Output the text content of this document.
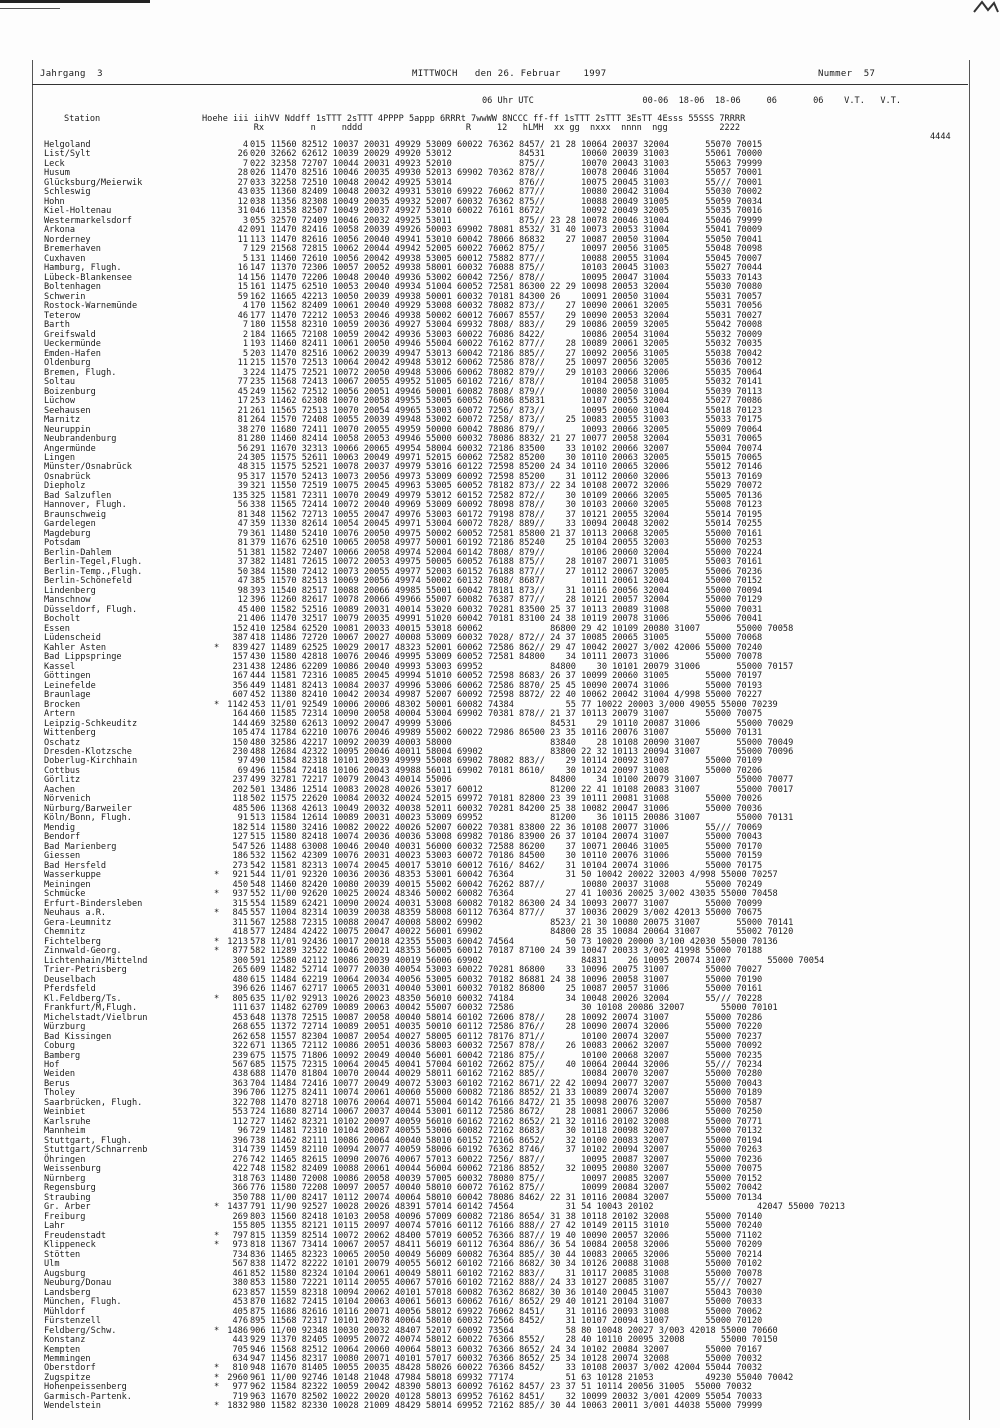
Jahrgang  3	MITTWOCH   den 26. Februar    1997	Nummer  57
06 Uhr UTC                     00-06  18-06  18-06     06       06    V.T.   V.T.
Station	Hoehe iii iihVV Nddff 1sTTT 2sTTT 4PPPP 5appp 6RRRt 7wwWW 8NCCC ff-ff 1sTTT 2sTTT 3EsTT 4Esss 55SSS 7RRRR
Rx         n     nddd                    R     12   hLMH  xx gg  nxxx  nnnn  ngg          2222
4444
Helgoland	4 015 11560 82512 10037 20031 49929 53009 60022 76362 8457/ 21 28 10064 20037 32004       55070 70015
List/Sylt	26 020 32662 62612 10039 20029 49920 53012             84531       10060 20039 31003       55061 70000
Leck	7 022 32358 72707 10044 20031 49923 52010             875//       10070 20043 31003       55063 79999
Husum	28 026 11470 82516 10046 20035 49930 52013 69902 70362 878//       10078 20046 31004       55057 70001
Glücksburg/Meierwik	27 033 32258 72510 10048 20042 49925 53014             876//       10075 20045 31003       55/// 70001
Schleswig	43 035 11360 82409 10048 20032 49931 53010 69922 76062 877//       10080 20042 31004       55030 70002
Hohn	12 038 11356 82308 10049 20035 49932 52007 60032 76362 875//       10088 20049 31005       55059 70034
Kiel-Holtenau	31 046 11358 82507 10049 20037 49927 53010 60022 76161 8672/       10092 20049 32005       55035 70016
Westermarkelsdorf	3 055 32570 72409 10046 20032 49925 53011             875// 23 28 10078 20046 31004       55046 79999
Arkona	42 091 11470 82416 10058 20039 49926 50003 69902 78081 8532/ 31 40 10073 20053 31004       55041 70009
Norderney	11 113 11470 82616 10056 20040 49941 53010 60042 78066 86832    27 10087 20050 31004       55050 70041
Bremerhaven	7 129 21568 72815 10062 20044 49942 52005 60022 76062 875//       10097 20056 31005       55048 70098
Cuxhaven	5 131 11460 72610 10056 20042 49938 53005 60012 75882 877//       10088 20055 31004       55045 70007
Hamburg, Flugh.	16 147 11370 72306 10057 20052 49938 58001 60032 76088 875//       10103 20045 31003       55027 70044
Lübeck-Blankensee	14 156 11470 72206 10048 20040 49936 53002 60042 7256/ 878//       10095 20047 31004       55033 70143
Boltenhagen	15 161 11475 62510 10053 20040 49934 51004 60052 72581 86300 22 29 10098 20053 32004       55030 70080
Schwerin	59 162 11665 42213 10050 20039 49938 50001 60032 70181 84300 26    10091 20050 31004       55031 70057
Rostock-Warnemünde	4 170 11562 82409 10061 20040 49929 53008 60032 78082 873//    27 10090 20061 32005       55031 70056
Teterow	46 177 11470 72212 10053 20046 49938 50002 60012 76067 8557/    29 10090 20053 32004       55031 70027
Barth	7 180 11558 82310 10059 20036 49927 53004 69932 7808/ 883//    29 10086 20059 32005       55042 70008
Greifswald	2 184 11665 72108 10059 20042 49936 53003 60022 76086 8422/       10086 20054 31004       55032 70009
Ueckermünde	1 193 11460 82411 10061 20050 49946 55004 60022 76162 877//    28 10089 20061 32005       55032 70035
Emden-Hafen	5 203 11470 82516 10062 20039 49947 53013 60042 72186 885//    27 10092 20056 31005       55038 70042
Oldenburg	11 215 11570 72513 10064 20042 49948 53012 60062 72586 878//    25 10097 20056 32005       55036 70012
Bremen, Flugh.	3 224 11475 72521 10072 20050 49948 53006 60062 78082 879//    29 10103 20066 32006       55035 70064
Soltau	77 235 11568 72413 10067 20055 49952 51005 60102 7216/ 878//       10104 20058 31005       55032 70141
Boizenburg	45 249 11562 72512 10056 20051 49946 50001 60082 7808/ 879//       10080 20050 31004       55039 70113
Lüchow	17 253 11462 62308 10070 20058 49955 53005 60052 76086 85831       10107 20055 32004       55027 70086
Seehausen	21 261 11565 72513 10070 20054 49965 53003 60072 7256/ 873//       10095 20060 31004       55018 70123
Marnitz	81 264 11570 72408 10055 20039 49948 53002 60072 7258/ 873//    25 10083 20055 31003       55033 70175
Neuruppin	38 270 11680 72411 10070 20055 49959 50000 60042 78086 879//       10093 20066 32005       55009 70064
Neubrandenburg	81 280 11460 82414 10058 20053 49946 55000 60032 78086 8832/ 21 27 10077 20058 32004       55031 70065
Angermünde	56 291 11670 32313 10066 20065 49954 58004 60032 72186 83500    33 10102 20066 32007       55004 70074
Lingen	24 305 11575 52611 10063 20049 49971 52015 60062 72582 85200    30 10110 20063 32005       55015 70065
Münster/Osnabrück	48 315 11575 52521 10078 20037 49979 53016 60122 72598 85200 24 34 10110 20065 32006       55012 70146
Osnabrück	95 317 11570 52413 10073 20056 49973 53009 60092 72598 85200    31 10112 20060 32006       55013 70169
Diepholz	39 321 11550 72519 10075 20045 49963 53005 60052 78182 873// 22 34 10108 20072 32006       55029 70072
Bad Salzuflen	135 325 11581 72311 10070 20049 49979 53012 60152 72582 872//    30 10109 20066 32005       55005 70136
Hannover, Flugh.	56 338 11565 72414 10072 20040 49969 53009 60092 78098 878//    30 10103 20060 32005       55008 70123
Braunschweig	81 348 11562 72713 10055 20047 49976 53003 60172 79198 878//    37 10121 20055 32004       55014 70195
Gardelegen	47 359 11330 82614 10054 20045 49971 53004 60072 7828/ 889//    33 10094 20048 32002       55014 70255
Magdeburg	79 361 11480 52410 10076 20050 49975 50002 60052 72581 85800 21 37 10113 20068 32005       55000 70161
Potsdam	81 379 11676 62510 10065 20058 49977 50001 60192 72186 85240    25 10104 20055 32003       55000 70253
Berlin-Dahlem	51 381 11582 72407 10066 20058 49974 52004 60142 7808/ 879//       10106 20060 32004       55000 70224
Berlin-Tegel,Flugh.	37 382 11481 72615 10072 20053 49975 50005 60052 76188 875//    28 10107 20071 31005       55003 70161
Berlin-Temp.,Flugh.	50 384 11580 72412 10073 20055 49977 52003 60152 76188 877//    27 10112 20067 32005       55006 70236
Berlin-Schönefeld	47 385 11570 82513 10069 20056 49974 50002 60132 7808/ 8687/       10111 20061 32004       55000 70152
Lindenberg	98 393 11540 82517 10088 20066 49985 55001 60042 78181 873//    31 10116 20056 32004       55000 70094
Manschnow	12 396 11260 82617 10078 20066 49966 55007 60082 76387 877//    28 10121 20057 32004       55000 70129
Düsseldorf, Flugh.	45 400 11582 52516 10089 20031 40014 53020 60032 70281 83500 25 37 10113 20089 31008       55000 70031
Bocholt	21 406 11470 32517 10079 20035 49991 51020 60042 70181 83100 24 38 10119 20078 31006       55006 70041
Essen	152 410 12584 62520 10081 20033 40015 53018 60062             86800 29 42 10109 20080 31007       55000 70058
Lüdenscheid	387 418 11486 72720 10067 20027 40008 53009 60032 7028/ 872// 24 37 10085 20065 31005       55000 70068
Kahler Asten	*	839 427 11489 62525 10029 20017 48323 52001 60062 72586 862// 29 47 10042 20027 3/002 42006 55000 70240
Bad Lippspringe	157 430 11580 42818 10076 20046 49995 53009 60052 72581 84800    34 10111 20073 31006       55000 70078
Kassel	231 438 12486 62209 10086 20040 49993 53003 69952             84800    30 10101 20079 31006       55000 70157
Göttingen	167 444 11581 72316 10085 20045 49994 51010 60052 72598 8683/ 26 37 10099 20060 31005       55000 70197
Leinefelde	356 449 11481 82413 10084 20037 49996 53006 60062 72586 8870/ 25 45 10090 20074 31006       55000 70193
Braunlage	607 452 11380 82410 10042 20034 49987 52007 60092 72598 8872/ 22 40 10062 20042 31004 4/998 55000 70227
Brocken	* 1142 453 11/01 92549 10006 20006 48302 50001 60082 74384          55 77 10022 20003 3/000 49055 55000 70239
Artern	164 460 11585 72314 10090 20058 40004 53004 69902 70381 878// 21 37 10113 20079 31007       55000 70075
Leipzig-Schkeuditz	144 469 32580 62613 10092 20047 49999 53006                   84531    29 10110 20087 31006       55000 70029
Wittenberg	105 474 11784 62210 10076 20046 49989 55002 60022 72986 86500 23 35 10116 20076 31007       55000 70131
Oschatz	150 480 32586 42217 10092 20039 40003 58000                   83840    28 10108 20090 31007       55000 70049
Dresden-Klotzsche	230 488 12684 42322 10095 20046 40011 58004 69902             83800 22 32 10113 20094 31007       55000 70096
Doberlug-Kirchhain	97 490 11584 82318 10101 20039 49999 55008 69902 78082 883//    29 10114 20092 31007       55000 70109
Cottbus	69 496 11584 72418 10106 20043 49988 56011 69902 70181 8610/    30 10124 20097 31008       55000 70206
Görlitz	237 499 32781 72217 10079 20043 40014 55006                   84800    34 10100 20079 31007       55000 70077
Aachen	202 501 13486 12514 10083 20028 40026 53017 60012             81200 22 41 10108 20083 31007       55000 70017
Nörvenich	118 502 11575 22620 10084 20032 40024 52015 69972 70181 82800 23 39 10111 20081 31008       55000 70026
Nürburg/Barweiler	485 506 11368 42613 10049 20032 40038 52011 60032 70281 84200 25 38 10082 20047 31006       55000 70036
Köln/Bonn, Flugh.	91 513 11584 12614 10089 20031 40023 53009 69952             81200    36 10115 20086 31007       55000 70131
Mendig	182 514 11580 32416 10082 20022 40026 52007 60022 70381 83800 22 36 10108 20077 31006       55/// 70069
Bendorf	127 515 11580 82418 10074 20036 40036 53008 69982 70186 83900 26 37 10104 20074 31007       55000 70043
Bad Marienberg	547 526 11488 63008 10046 20040 40031 56000 60032 72588 86200    37 10071 20046 31005       55000 70170
Giessen	186 532 11562 42309 10076 20031 40023 53003 60072 70186 84500    30 10110 20076 31006       55000 70159
Bad Hersfeld	273 542 11581 82313 10074 20045 40017 53010 60012 7616/ 8462/    31 10104 20074 31006       55000 70175
Wasserkuppe	*	921 544 11/01 92320 10036 20036 48353 53001 60042 76364          31 50 10042 20022 32003 4/998 55000 70257
Meiningen	450 548 11460 82420 10080 20039 40015 55002 60042 76262 887//       10080 20037 31008       55000 70249
Schmücke	*	937 552 11/00 92620 10025 20024 48346 50002 60082 76364          27 41 10036 20025 3/002 43035 55000 70458
Erfurt-Bindersleben	315 554 11589 62421 10090 20024 40031 53008 60082 70182 86300 24 34 10093 20077 31007       55000 70099
Neuhaus a.R.	*	845 557 11004 82314 10039 20038 48359 58008 60112 76364 877//    37 10036 20029 3/002 42013 55000 70675
Gera-Leumnitz	311 567 12588 72315 10088 20047 40008 58002 69902             8523/ 21 30 10080 20075 31007       55000 70141
Chemnitz	418 577 12484 42422 10075 20047 40022 56001 69902             84800 28 35 10084 20064 31007       55002 70120
Fichtelberg	* 1213 578 11/01 92436 10017 20018 42355 55003 60042 74564          50 73 10020 20000 3/100 42030 55000 70136
Zinnwald-Georg.	*	877 582 11289 32522 10046 20021 48353 56005 60012 70187 87100 24 39 10047 20033 3/002 41998 55000 70188
Lichtenhain/Mittelnd	300 591 12580 42112 10086 20039 40019 56006 69902                   84831    26 10095 20074 31007       55000 70054
Trier-Petrisberg	265 609 11482 52714 10077 20030 40054 53003 60022 70281 86800    33 10096 20075 31007       55000 70027
Deuselbach	480 615 11484 62219 10064 20034 40056 53005 60032 70182 86881 24 38 10096 20058 31007       55000 70190
Pferdsfeld	396 626 11467 62717 10065 20031 40040 53001 60032 70182 86800    25 10087 20057 31006       55000 70161
Kl.Feldberg/Ts.	*	805 635 11/02 92913 10026 20023 48350 56010 60032 74184          34 10048 20026 32004       55/// 70228
Frankfurt/M,Flugh.	111 637 11482 62709 10089 20063 40042 55007 60032 72586             30 10108 20086 32007       55000 70101
Michelstadt/Vielbrun	453 648 11378 72515 10087 20058 40040 58014 60102 72606 878//    28 10092 20074 31007       55000 70286
Würzburg	268 655 11372 72714 10089 20051 40035 50010 60112 72586 876//    28 10090 20074 32006       55000 70220
Bad Kissingen	262 658 11557 82304 10087 20054 40027 58005 60112 78176 871//       10100 20074 32007       55000 70237
Coburg	322 671 11365 72112 10086 20051 40036 58003 60032 72567 878//    26 10083 20062 32007       55000 70092
Bamberg	239 675 11575 71806 10092 20049 40040 56001 60042 72186 875//       10100 20068 32007       55000 70235
Hof	567 685 11575 72315 10064 20045 40041 57004 60102 72662 875//    40 10064 20044 32006       55/// 70234
Weiden	438 688 11470 81804 10070 20044 40029 58011 60162 72162 885//       10084 20070 32007       55000 70280
Berus	363 704 11484 72416 10077 20049 40072 53003 60102 72162 8671/ 22 42 10094 20077 32007       55000 70043
Tholey	396 706 11275 82411 10074 20061 40060 55000 60082 72186 8852/ 21 33 10089 20074 32007       55000 70189
Saarbrücken, Flugh.	322 708 11470 82718 10076 20064 40071 55004 60142 76166 8472/ 21 35 10098 20076 32007       55000 70587
Weinbiet	553 724 11680 82714 10067 20037 40044 53001 60112 72586 8672/    28 10081 20067 32006       55000 70250
Karlsruhe	112 727 11462 82321 10102 20097 40059 56010 60162 72162 8652/ 21 32 10116 20102 32008       55000 70771
Mannheim	96 729 11481 72310 10104 20087 40055 53006 60082 72162 8683/    30 10118 20098 32007       55000 70132
Stuttgart, Flugh.	396 738 11462 82111 10086 20064 40040 58010 60152 72166 8652/    32 10100 20083 32007       55000 70194
Stuttgart/Schnarrenb	314 739 11459 82110 10094 20077 40059 58006 60192 76362 8746/    37 10102 20094 32007       55000 70263
Öhringen	276 742 11465 82615 10090 20076 40067 57013 60022 7256/ 887//       10095 20087 32007       55000 70236
Weissenburg	422 748 11582 82409 10088 20061 40044 56004 60062 72186 8852/    32 10095 20080 32007       55000 70075
Nürnberg	318 763 11480 72008 10086 20058 40039 57005 60032 78080 875//       10097 20085 32007       55000 70152
Regensburg	366 776 11580 72208 10097 20057 40040 58010 60072 76162 875//       10099 20084 32007       55002 70042
Straubing	350 788 11/00 82417 10112 20074 40064 58010 60042 78086 8462/ 22 31 10116 20084 32007       55000 70134
Gr. Arber	* 1437 791 11/90 92527 10028 20026 48391 57014 60142 74564          31 54 10043 20102                    42047 55000 70213
Freiburg	269 803 11560 82418 10103 20058 40096 57009 60082 72186 8654/ 31 38 10118 20102 32008       55000 70140
Lahr	155 805 11355 82121 10115 20097 40074 57016 60112 76166 888// 27 42 10149 20115 31010       55000 70240
Freudenstadt	*	797 815 11359 82514 10072 20062 48400 57019 60052 76366 887// 19 40 10090 20057 32006       55000 71102
Klippeneck	*	973 818 11367 73414 10067 20057 48411 56019 60112 76364 886// 36 54 10084 20058 32006       55000 70209
Stötten	734 836 11465 82323 10065 20050 40049 56009 60082 76364 885// 30 44 10083 20065 32006       55000 70214
Ulm	567 838 11472 82222 10101 20079 40055 56012 60102 72166 8682/ 30 34 10126 20088 31008       55000 70102
Augsburg	461 852 11580 82324 10104 20061 40049 58011 60102 72162 883//    31 10117 20085 31008       55000 70078
Neuburg/Donau	380 853 11580 72221 10114 20055 40067 57016 60102 72162 888// 24 33 10127 20085 31007       55/// 70027
Landsberg	623 857 11559 82318 10094 20062 40101 57018 60082 76362 8682/ 30 36 10140 20045 31007       55043 70030
München, Flugh.	453 870 11682 72415 10104 20063 40061 56013 60062 7616/ 8652/ 29 40 10121 20104 31007       55000 70033
Mühldorf	405 875 11686 82616 10116 20071 40056 58012 69922 76062 8451/    31 10116 20093 31008       55000 70062
Fürstenzell	476 895 11568 72317 10101 20078 40064 58010 60032 72566 8452/    31 10107 20094 31007       55000 70120
Feldberg/Schw.	* 1486 906 11/00 92348 10030 20032 48407 52017 60092 73564          58 80 10048 20027 3/003 42018 55000 70660
Konstanz	443 929 11370 82405 10095 20072 40074 58012 60022 76366 8552/    28 40 10110 20095 32008       55000 70150
Kempten	705 946 11568 82512 10064 20060 40064 58013 60032 76366 8652/ 24 34 10102 20084 32007       55000 70167
Memmingen	634 947 11456 82317 10080 20071 40101 57017 60032 76366 8652/ 25 34 10128 20074 32008       55000 70032
Oberstdorf	*	810 948 11670 81405 10055 20035 48428 58026 60022 76366 8452/    33 10108 20037 3/002 42004 55044 70032
Zugspitze	* 2960 961 11/00 92746 10148 21048 47984 58018 69932 77174          51 63 10128 21053          49230 55040 70042
Hohenpeissenberg	*	977 962 11584 82322 10059 20042 48390 58013 60092 76162 8457/ 23 37 51 10114 20056 31005  55000 70032
Garmisch-Partenk.	719 963 11670 82502 10022 20020 40128 58013 69952 76162 8451/    32 10099 20032 3/001 42009 55054 70033
Wendelstein	* 1832 980 11582 82330 10028 21009 48429 58014 69952 72162 885// 30 44 10063 20011 3/001 44038 55000 79999
